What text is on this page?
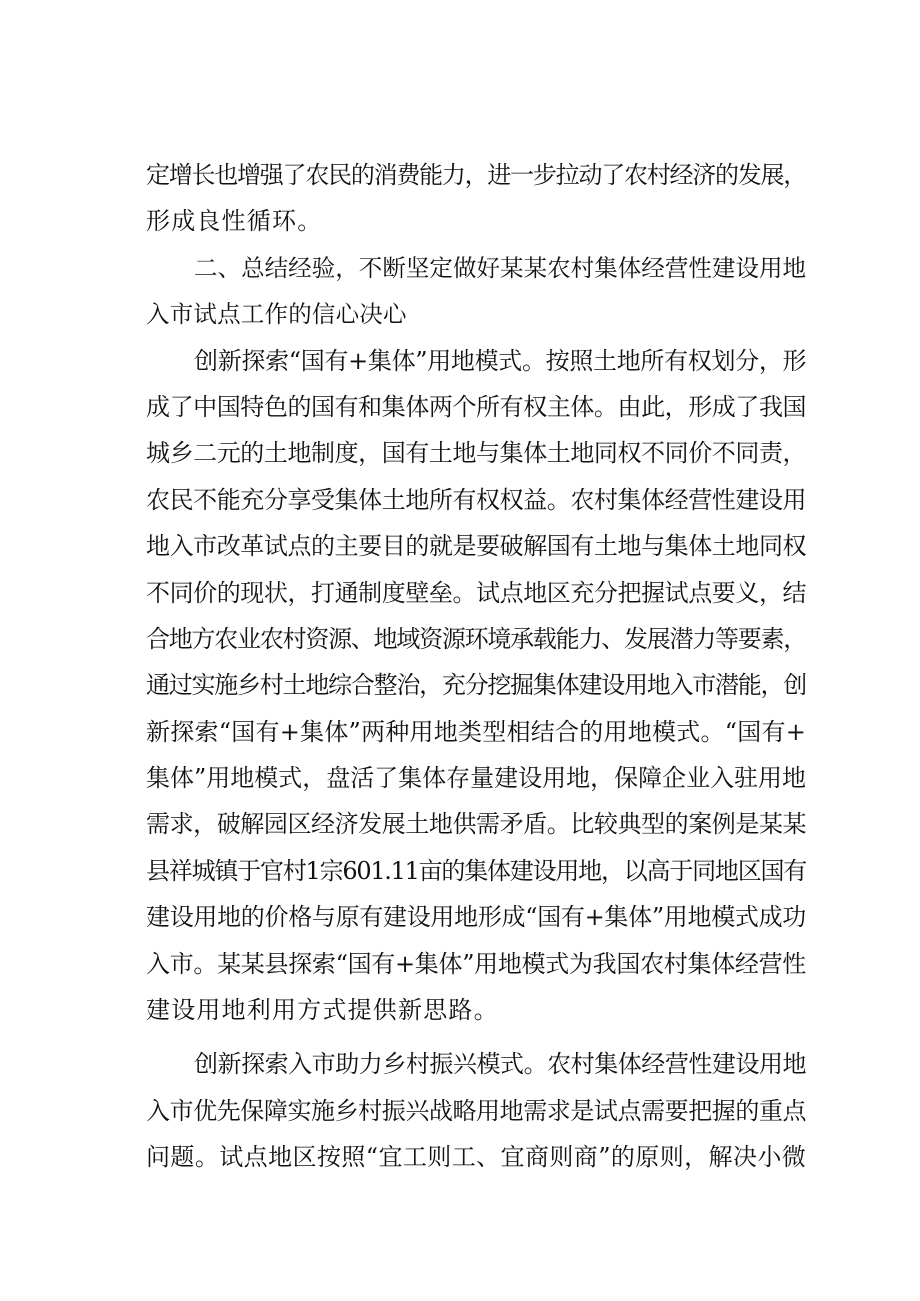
定增长也增强了农民的消费能力，进一步拉动了农村经济的发展，
形成良性循环。
二、总结经验，不断坚定做好某某农村集体经营性建设用地
入市试点工作的信心决心
创新探索“国有+集体”用地模式。按照土地所有权划分，形
成了中国特色的国有和集体两个所有权主体。由此，形成了我国
城乡二元的土地制度，国有土地与集体土地同权不同价不同责，
农民不能充分享受集体土地所有权权益。农村集体经营性建设用
地入市改革试点的主要目的就是要破解国有土地与集体土地同权
不同价的现状，打通制度壁垒。试点地区充分把握试点要义，结
合地方农业农村资源、地域资源环境承载能力、发展潜力等要素，
通过实施乡村土地综合整治，充分挖掘集体建设用地入市潜能，创
新探索“国有+集体”两种用地类型相结合的用地模式。“国有+
集体”用地模式，盘活了集体存量建设用地，保障企业入驻用地
需求，破解园区经济发展土地供需矛盾。比较典型的案例是某某
县祥城镇于官村1宗601.11亩的集体建设用地，以高于同地区国有
建设用地的价格与原有建设用地形成“国有+集体”用地模式成功
入市。某某县探索“国有+集体”用地模式为我国农村集体经营性
建设用地利用方式提供新思路。
创新探索入市助力乡村振兴模式。农村集体经营性建设用地
入市优先保障实施乡村振兴战略用地需求是试点需要把握的重点
问题。试点地区按照“宜工则工、宜商则商”的原则，解决小微
